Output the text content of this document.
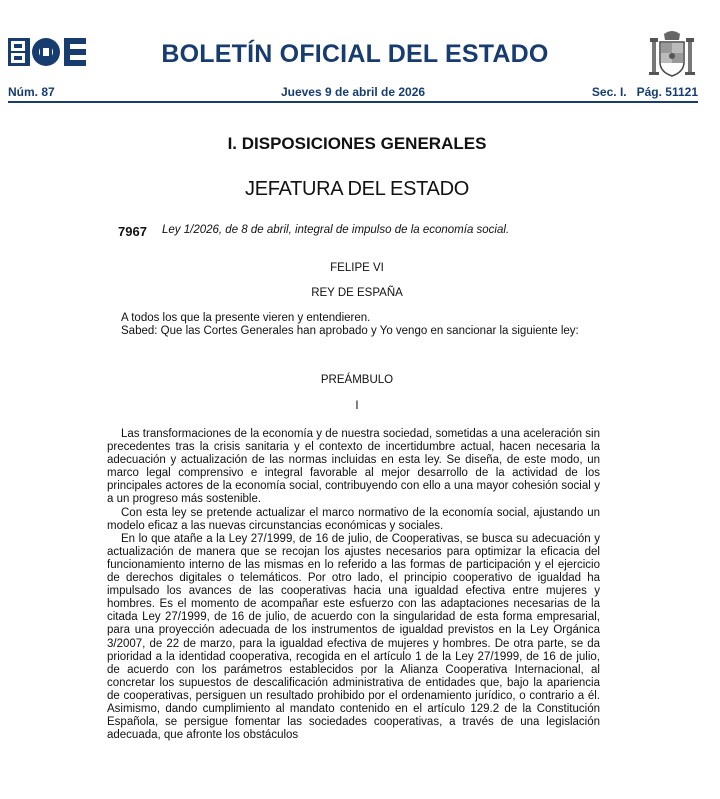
BOLETÍN OFICIAL DEL ESTADO
Núm. 87	Jueves 9 de abril de 2026	Sec. I.   Pág. 51121
I. DISPOSICIONES GENERALES
JEFATURA DEL ESTADO
7967 Ley 1/2026, de 8 de abril, integral de impulso de la economía social.
FELIPE VI
REY DE ESPAÑA

A todos los que la presente vieren y entendieren.

Sabed: Que las Cortes Generales han aprobado y Yo vengo en sancionar la siguiente ley:

PREÁMBULO
I

Las transformaciones de la economía y de nuestra sociedad, sometidas a una aceleración sin precedentes tras la crisis sanitaria y el contexto de incertidumbre actual, hacen necesaria la adecuación y actualización de las normas incluidas en esta ley. Se diseña, de este modo, un marco legal comprensivo e integral favorable al mejor desarrollo de la actividad de los principales actores de la economía social, contribuyendo con ello a una mayor cohesión social y a un progreso más sostenible.

Con esta ley se pretende actualizar el marco normativo de la economía social, ajustando un modelo eficaz a las nuevas circunstancias económicas y sociales.

En lo que atañe a la Ley 27/1999, de 16 de julio, de Cooperativas, se busca su adecuación y actualización de manera que se recojan los ajustes necesarios para optimizar la eficacia del funcionamiento interno de las mismas en lo referido a las formas de participación y el ejercicio de derechos digitales o telemáticos. Por otro lado, el principio cooperativo de igualdad ha impulsado los avances de las cooperativas hacia una igualdad efectiva entre mujeres y hombres. Es el momento de acompañar este esfuerzo con las adaptaciones necesarias de la citada Ley 27/1999, de 16 de julio, de acuerdo con la singularidad de esta forma empresarial, para una proyección adecuada de los instrumentos de igualdad previstos en la Ley Orgánica 3/2007, de 22 de marzo, para la igualdad efectiva de mujeres y hombres. De otra parte, se da prioridad a la identidad cooperativa, recogida en el artículo 1 de la Ley 27/1999, de 16 de julio, de acuerdo con los parámetros establecidos por la Alianza Cooperativa Internacional, al concretar los supuestos de descalificación administrativa de entidades que, bajo la apariencia de cooperativas, persiguen un resultado prohibido por el ordenamiento jurídico, o contrario a él. Asimismo, dando cumplimiento al mandato contenido en el artículo 129.2 de la Constitución Española, se persigue fomentar las sociedades cooperativas, a través de una legislación adecuada, que afronte los obstáculos
